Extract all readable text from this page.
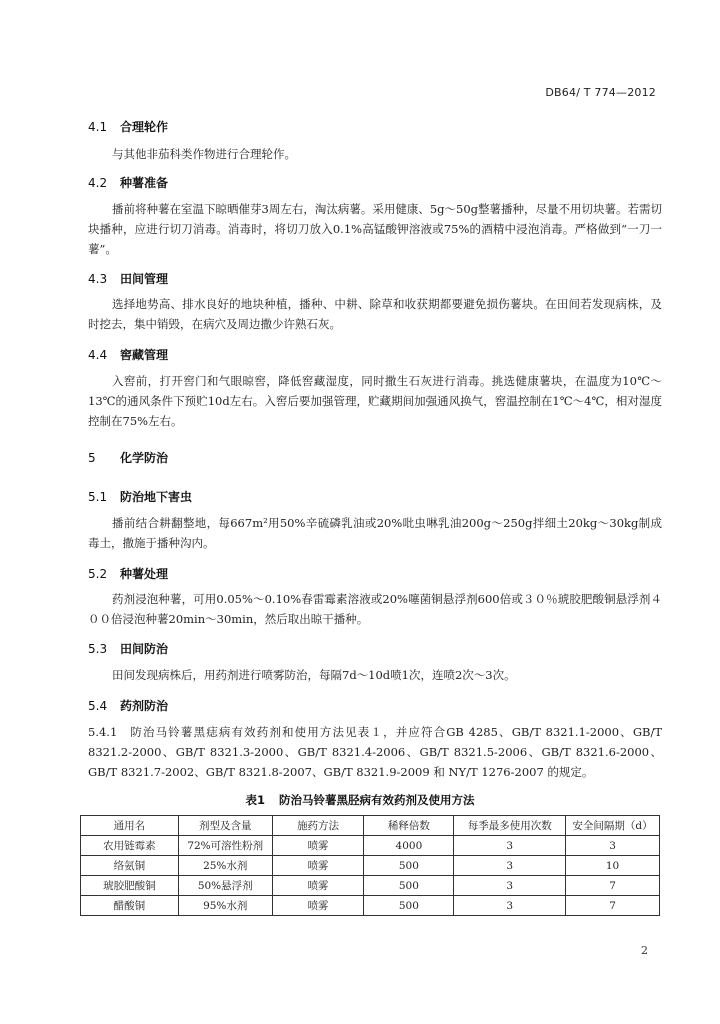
DB64/ T 774—2012
4.1 合理轮作
与其他非茄科类作物进行合理轮作。
4.2 种薯准备
播前将种薯在室温下晾晒催芽3周左右，淘汰病薯。采用健康、5g～50g整薯播种，尽量不用切块薯。若需切块播种，应进行切刀消毒。消毒时，将切刀放入0.1%高锰酸钾溶液或75%的酒精中浸泡消毒。严格做到“一刀一薯”。
4.3 田间管理
选择地势高、排水良好的地块种植，播种、中耕、除草和收获期都要避免损伤薯块。在田间若发现病株，及时挖去，集中销毁，在病穴及周边撒少许熟石灰。
4.4 窖藏管理
入窖前，打开窖门和气眼晾窖，降低窖藏湿度，同时撒生石灰进行消毒。挑选健康薯块，在温度为10℃～13℃的通风条件下预贮10d左右。入窖后要加强管理，贮藏期间加强通风换气，窖温控制在1℃～4℃，相对湿度控制在75%左右。
5 化学防治
5.1 防治地下害虫
播前结合耕翻整地，每667m²用50%辛硫磷乳油或20%吡虫啉乳油200g～250g拌细土20kg～30kg制成毒土，撒施于播种沟内。
5.2 种薯处理
药剂浸泡种薯，可用0.05%～0.10%春雷霉素溶液或20%噻菌铜悬浮剂600倍或３０％琥胶肥酸铜悬浮剂４００倍浸泡种薯20min～30min，然后取出晾干播种。
5.3 田间防治
田间发现病株后，用药剂进行喷雾防治，每隔7d～10d喷1次，连喷2次～3次。
5.4 药剂防治
5.4.1 防治马铃薯黑痣病有效药剂和使用方法见表１，并应符合GB 4285、GB/T 8321.1-2000、GB/T 8321.2-2000、GB/T 8321.3-2000、GB/T 8321.4-2006、GB/T 8321.5-2006、GB/T 8321.6-2000、GB/T 8321.7-2002、GB/T 8321.8-2007、GB/T 8321.9-2009 和 NY/T 1276-2007 的规定。
表1 防治马铃薯黑胫病有效药剂及使用方法
通用名	剂型及含量	施药方法	稀释倍数	每季最多使用次数	安全间隔期（d）
农用链霉素	72%可溶性粉剂	喷雾	4000	3	3
络氨铜	25%水剂	喷雾	500	3	10
琥胶肥酸铜	50%悬浮剂	喷雾	500	3	7
醋酸铜	95%水剂	喷雾	500	3	7
2
